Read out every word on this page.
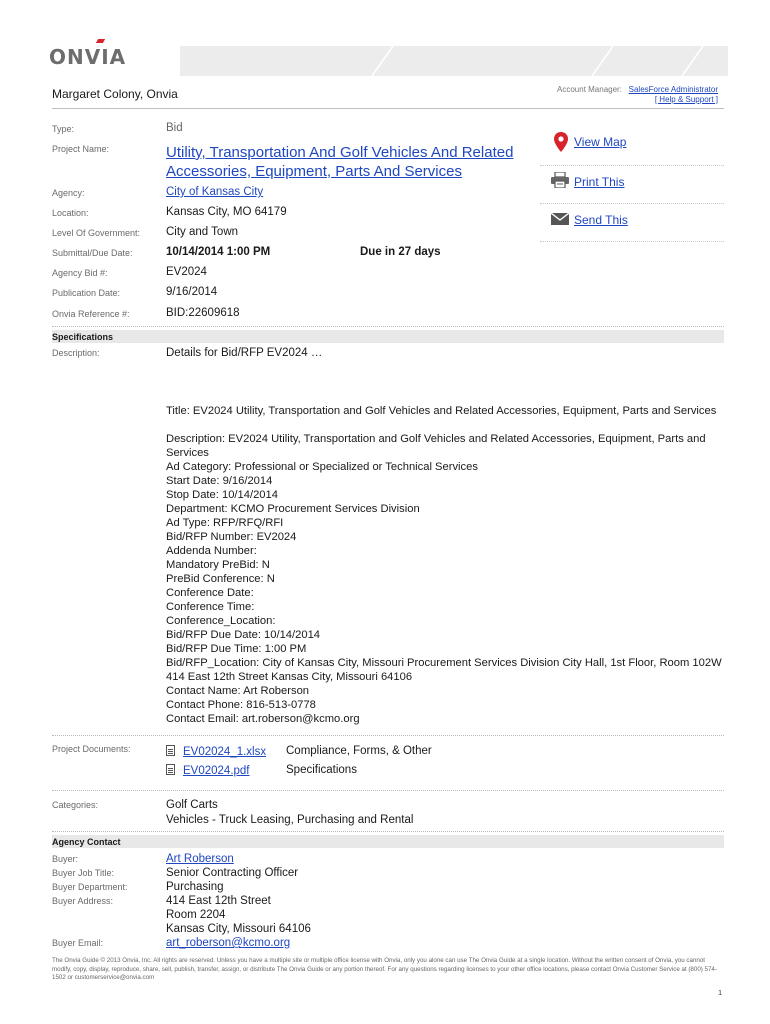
ONVIA
Margaret Colony, Onvia	Account Manager: SalesForce Administrator
[ Help & Support ]
Type:	Bid
Project Name:	Utility, Transportation And Golf Vehicles And Related Accessories, Equipment, Parts And Services
Agency:	City of Kansas City
Location:	Kansas City, MO 64179
Level Of Government: City and Town
Submittal/Due Date:	10/14/2014 1:00 PM	Due in 27 days
Agency Bid #:	EV2024
Publication Date:	9/16/2014
Onvia Reference #:	BID:22609618
View Map
Print This
Send This
Specifications
Description:	Details for Bid/RFP EV2024 …
Title: EV2024 Utility, Transportation and Golf Vehicles and Related Accessories, Equipment, Parts and Services
Description: EV2024 Utility, Transportation and Golf Vehicles and Related Accessories, Equipment, Parts and Services
Ad Category: Professional or Specialized or Technical Services
Start Date: 9/16/2014
Stop Date: 10/14/2014
Department: KCMO Procurement Services Division
Ad Type: RFP/RFQ/RFI
Bid/RFP Number: EV2024
Addenda Number:
Mandatory PreBid: N
PreBid Conference: N
Conference Date:
Conference Time:
Conference_Location:
Bid/RFP Due Date: 10/14/2014
Bid/RFP Due Time: 1:00 PM
Bid/RFP_Location: City of Kansas City, Missouri Procurement Services Division City Hall, 1st Floor, Room 102W
414 East 12th Street Kansas City, Missouri 64106
Contact Name: Art Roberson
Contact Phone: 816-513-0778
Contact Email: art.roberson@kcmo.org
Project Documents:	EV02024_1.xlsx Compliance, Forms, & Other
EV02024.pdf	Specifications
Categories:	Golf Carts
Vehicles - Truck Leasing, Purchasing and Rental
Agency Contact
Buyer:	Art Roberson
Buyer Job Title:	Senior Contracting Officer
Buyer Department:	Purchasing
Buyer Address:	414 East 12th Street
Room 2204
Kansas City, Missouri 64106
Buyer Email:	art_roberson@kcmo.org
The Onvia Guide © 2013 Onvia, Inc. All rights are reserved. Unless you have a multiple site or multiple office license with Onvia, only you alone can use The Onvia Guide at a single location. Without the written consent of Onvia, you cannot modify, copy, display, reproduce, share, sell, publish, transfer, assign, or distribute The Onvia Guide or any portion thereof. For any questions regarding licenses to your other office locations, please contact Onvia Customer Service at (800) 574-1502 or customerservice@onvia.com
1
